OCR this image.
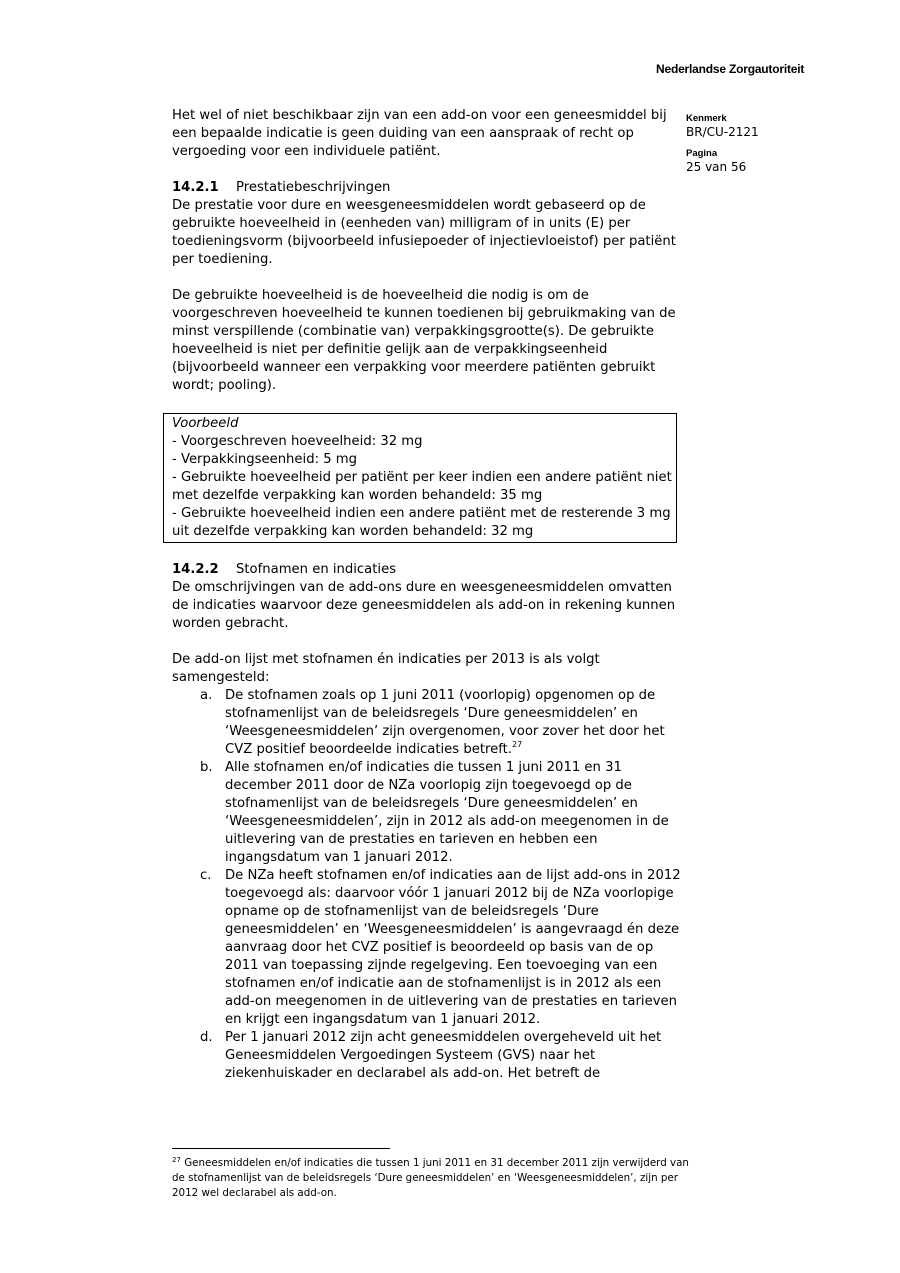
Nederlandse Zorgautoriteit
Kenmerk
BR/CU-2121
Pagina
25 van 56

Het wel of niet beschikbaar zijn van een add-on voor een geneesmiddel bij een bepaalde indicatie is geen duiding van een aanspraak of recht op vergoeding voor een individuele patiënt.

14.2.1 Prestatiebeschrijvingen

De prestatie voor dure en weesgeneesmiddelen wordt gebaseerd op de gebruikte hoeveelheid in (eenheden van) milligram of in units (E) per toedieningsvorm (bijvoorbeeld infusiepoeder of injectievloeistof) per patiënt per toediening.

De gebruikte hoeveelheid is de hoeveelheid die nodig is om de voorgeschreven hoeveelheid te kunnen toedienen bij gebruikmaking van de minst verspillende (combinatie van) verpakkingsgrootte(s). De gebruikte hoeveelheid is niet per definitie gelijk aan de verpakkingseenheid (bijvoorbeeld wanneer een verpakking voor meerdere patiënten gebruikt wordt; pooling).

Voorbeeld
- Voorgeschreven hoeveelheid: 32 mg
- Verpakkingseenheid: 5 mg
- Gebruikte hoeveelheid per patiënt per keer indien een andere patiënt niet met dezelfde verpakking kan worden behandeld: 35 mg
- Gebruikte hoeveelheid indien een andere patiënt met de resterende 3 mg uit dezelfde verpakking kan worden behandeld: 32 mg
14.2.2 Stofnamen en indicaties

De omschrijvingen van de add-ons dure en weesgeneesmiddelen omvatten de indicaties waarvoor deze geneesmiddelen als add-on in rekening kunnen worden gebracht.

De add-on lijst met stofnamen én indicaties per 2013 is als volgt samengesteld:

a. De stofnamen zoals op 1 juni 2011 (voorlopig) opgenomen op de stofnamenlijst van de beleidsregels ‘Dure geneesmiddelen’ en ‘Weesgeneesmiddelen’ zijn overgenomen, voor zover het door het CVZ positief beoordeelde indicaties betreft.$^{27}$
b. Alle stofnamen en/of indicaties die tussen 1 juni 2011 en 31 december 2011 door de NZa voorlopig zijn toegevoegd op de stofnamenlijst van de beleidsregels ‘Dure geneesmiddelen’ en ‘Weesgeneesmiddelen’, zijn in 2012 als add-on meegenomen in de uitlevering van de prestaties en tarieven en hebben een ingangsdatum van 1 januari 2012.
c. De NZa heeft stofnamen en/of indicaties aan de lijst add-ons in 2012 toegevoegd als: daarvoor vóór 1 januari 2012 bij de NZa voorlopige opname op de stofnamenlijst van de beleidsregels ‘Dure geneesmiddelen’ en ‘Weesgeneesmiddelen’ is aangevraagd én deze aanvraag door het CVZ positief is beoordeeld op basis van de op 2011 van toepassing zijnde regelgeving. Een toevoeging van een stofnamen en/of indicatie aan de stofnamenlijst is in 2012 als een add-on meegenomen in de uitlevering van de prestaties en tarieven en krijgt een ingangsdatum van 1 januari 2012.
d. Per 1 januari 2012 zijn acht geneesmiddelen overgeheveld uit het Geneesmiddelen Vergoedingen Systeem (GVS) naar het ziekenhuiskader en declarabel als add-on. Het betreft de
$^{27}$ Geneesmiddelen en/of indicaties die tussen 1 juni 2011 en 31 december 2011 zijn verwijderd van de stofnamenlijst van de beleidsregels ‘Dure geneesmiddelen’ en ‘Weesgeneesmiddelen’, zijn per 2012 wel declarabel als add-on.
